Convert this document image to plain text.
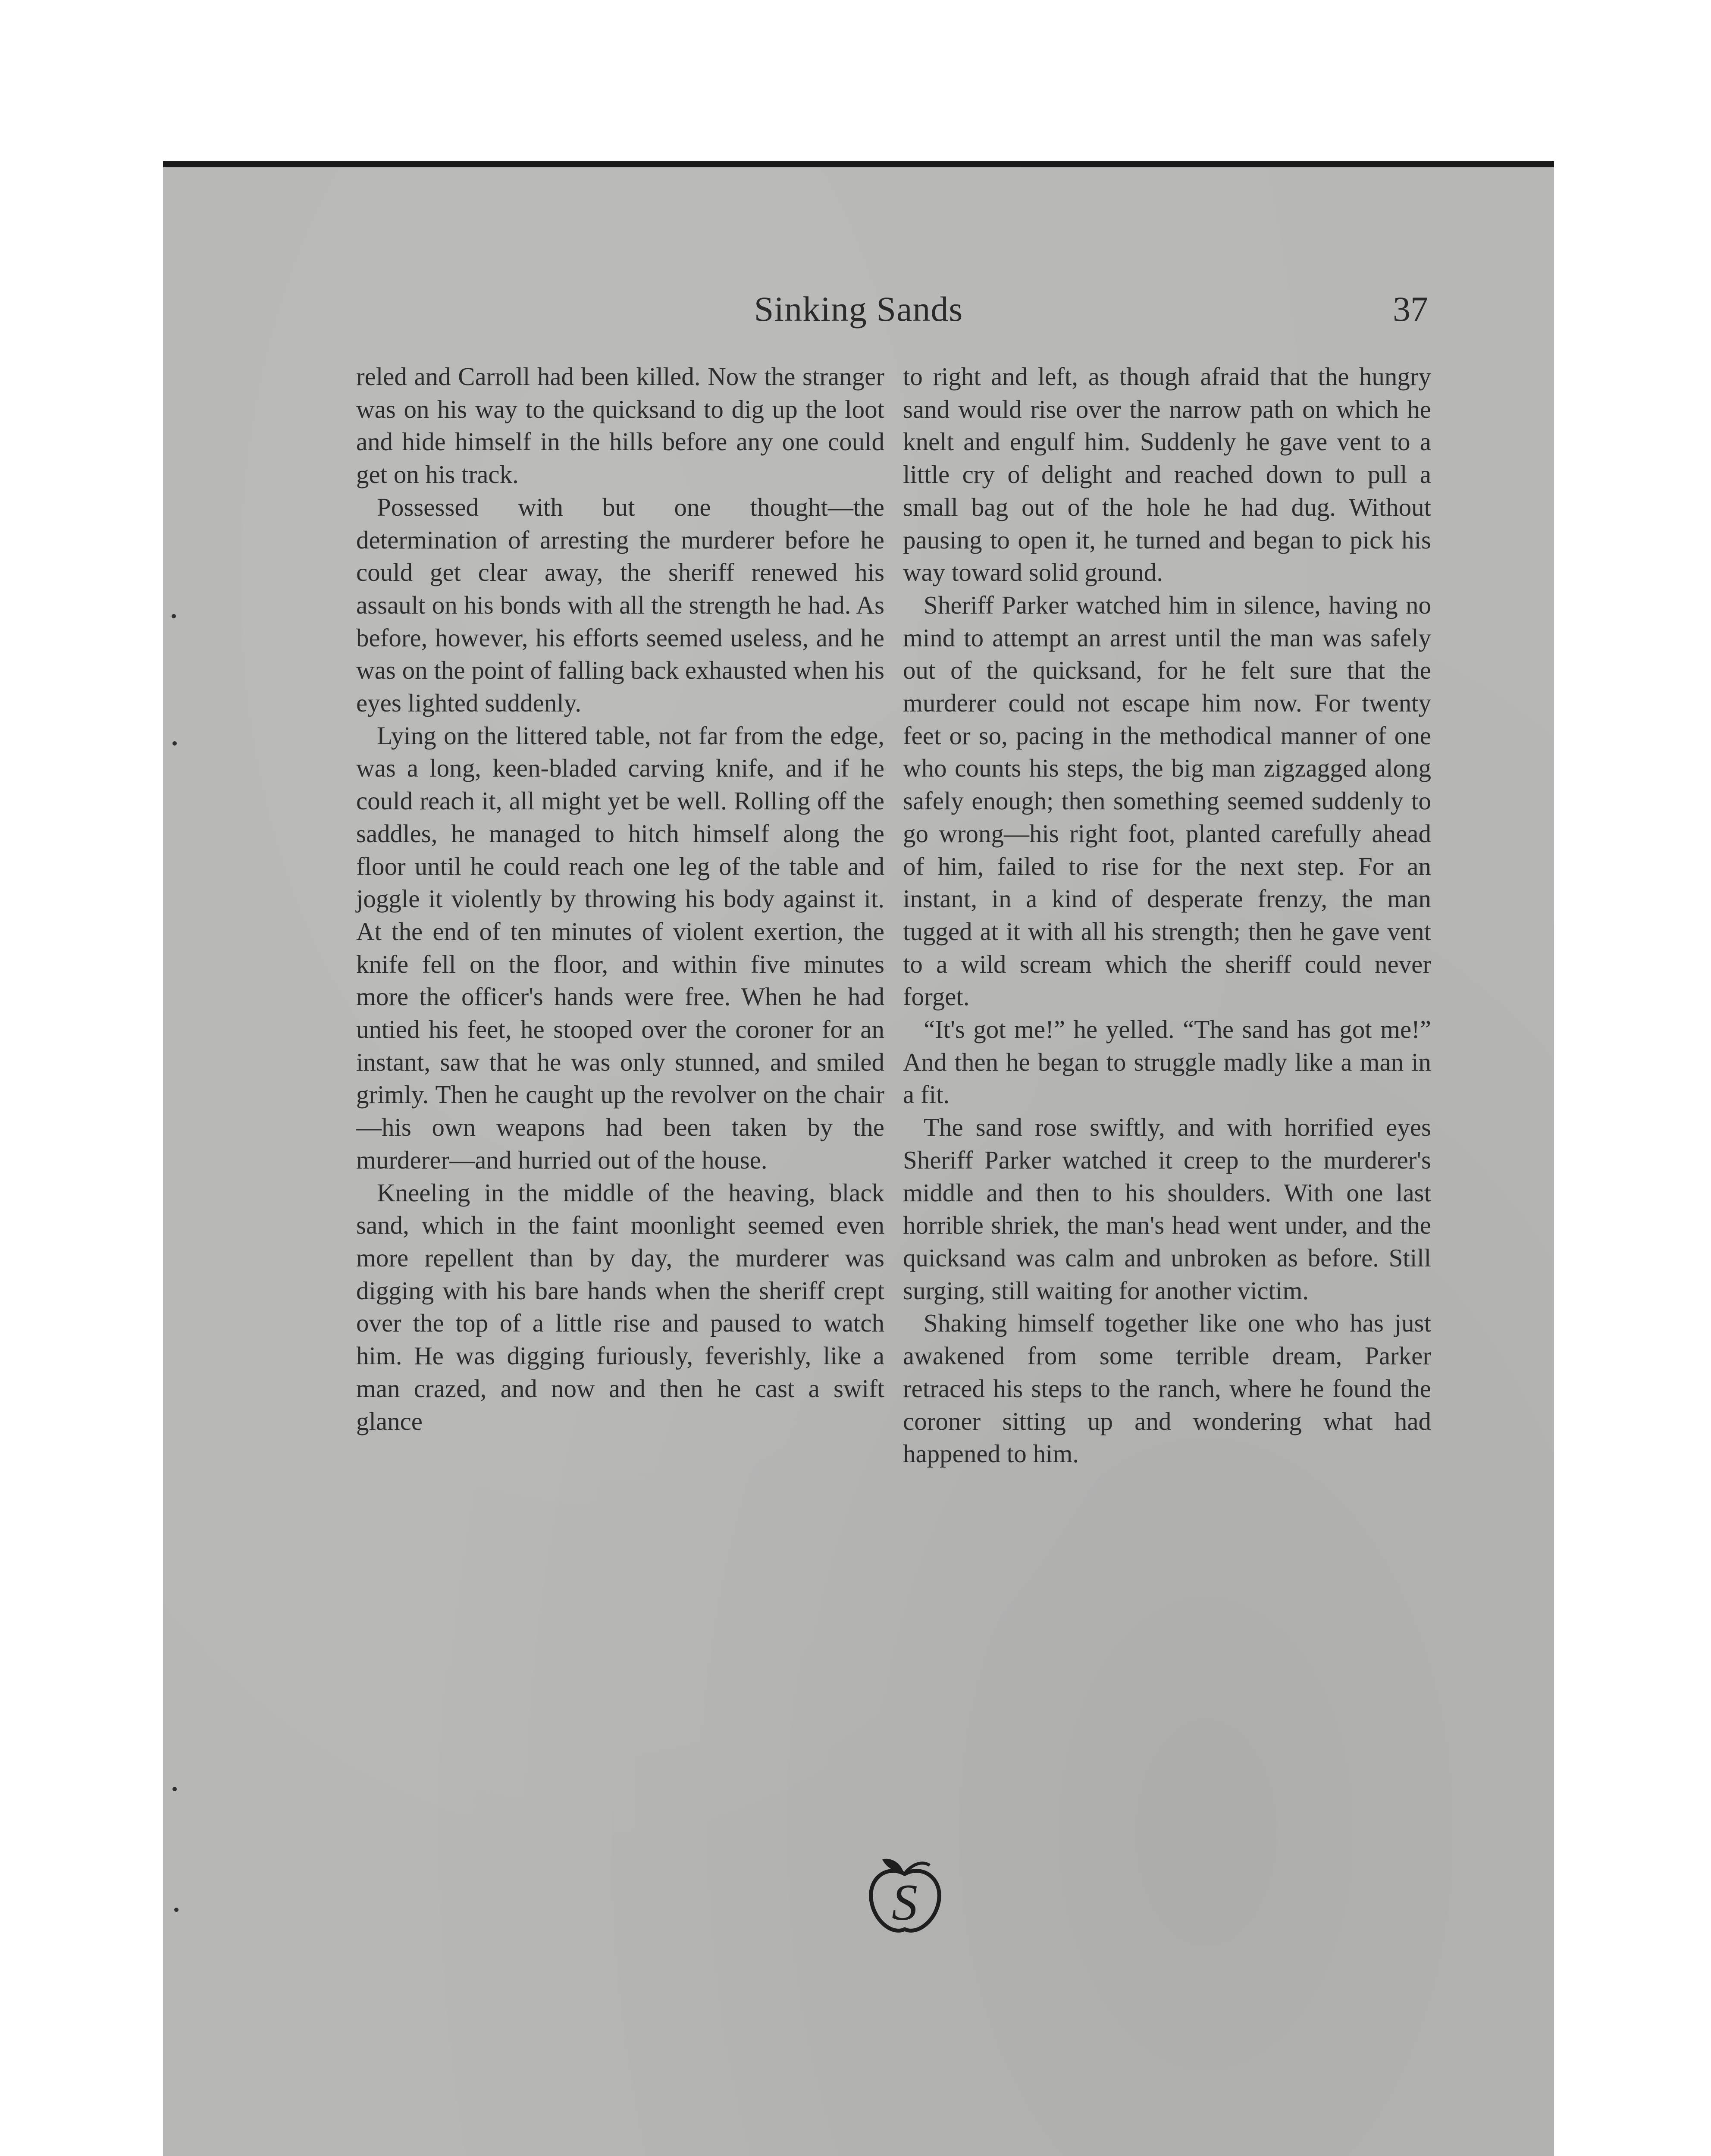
Sinking Sands	37

reled and Carroll had been killed. Now the stranger was on his way to the quicksand to dig up the loot and hide himself in the hills before any one could get on his track.

Possessed with but one thought—the determination of arresting the murderer before he could get clear away, the sheriff renewed his assault on his bonds with all the strength he had. As before, however, his efforts seemed useless, and he was on the point of falling back exhausted when his eyes lighted suddenly.

Lying on the littered table, not far from the edge, was a long, keen-bladed carving knife, and if he could reach it, all might yet be well. Rolling off the saddles, he managed to hitch himself along the floor until he could reach one leg of the table and joggle it violently by throwing his body against it. At the end of ten minutes of violent exertion, the knife fell on the floor, and within five minutes more the officer's hands were free. When he had untied his feet, he stooped over the coroner for an instant, saw that he was only stunned, and smiled grimly. Then he caught up the revolver on the chair—his own weapons had been taken by the murderer—and hurried out of the house.

Kneeling in the middle of the heaving, black sand, which in the faint moonlight seemed even more repellent than by day, the murderer was digging with his bare hands when the sheriff crept over the top of a little rise and paused to watch him. He was digging furiously, feverishly, like a man crazed, and now and then he cast a swift glance

to right and left, as though afraid that the hungry sand would rise over the narrow path on which he knelt and engulf him. Suddenly he gave vent to a little cry of delight and reached down to pull a small bag out of the hole he had dug. Without pausing to open it, he turned and began to pick his way toward solid ground.

Sheriff Parker watched him in silence, having no mind to attempt an arrest until the man was safely out of the quicksand, for he felt sure that the murderer could not escape him now. For twenty feet or so, pacing in the methodical manner of one who counts his steps, the big man zigzagged along safely enough; then something seemed suddenly to go wrong—his right foot, planted carefully ahead of him, failed to rise for the next step. For an instant, in a kind of desperate frenzy, the man tugged at it with all his strength; then he gave vent to a wild scream which the sheriff could never forget.

“It's got me!” he yelled. “The sand has got me!” And then he began to struggle madly like a man in a fit.

The sand rose swiftly, and with horrified eyes Sheriff Parker watched it creep to the murderer's middle and then to his shoulders. With one last horrible shriek, the man's head went under, and the quicksand was calm and unbroken as before. Still surging, still waiting for another victim.

Shaking himself together like one who has just awakened from some terrible dream, Parker retraced his steps to the ranch, where he found the coroner sitting up and wondering what had happened to him.

S
